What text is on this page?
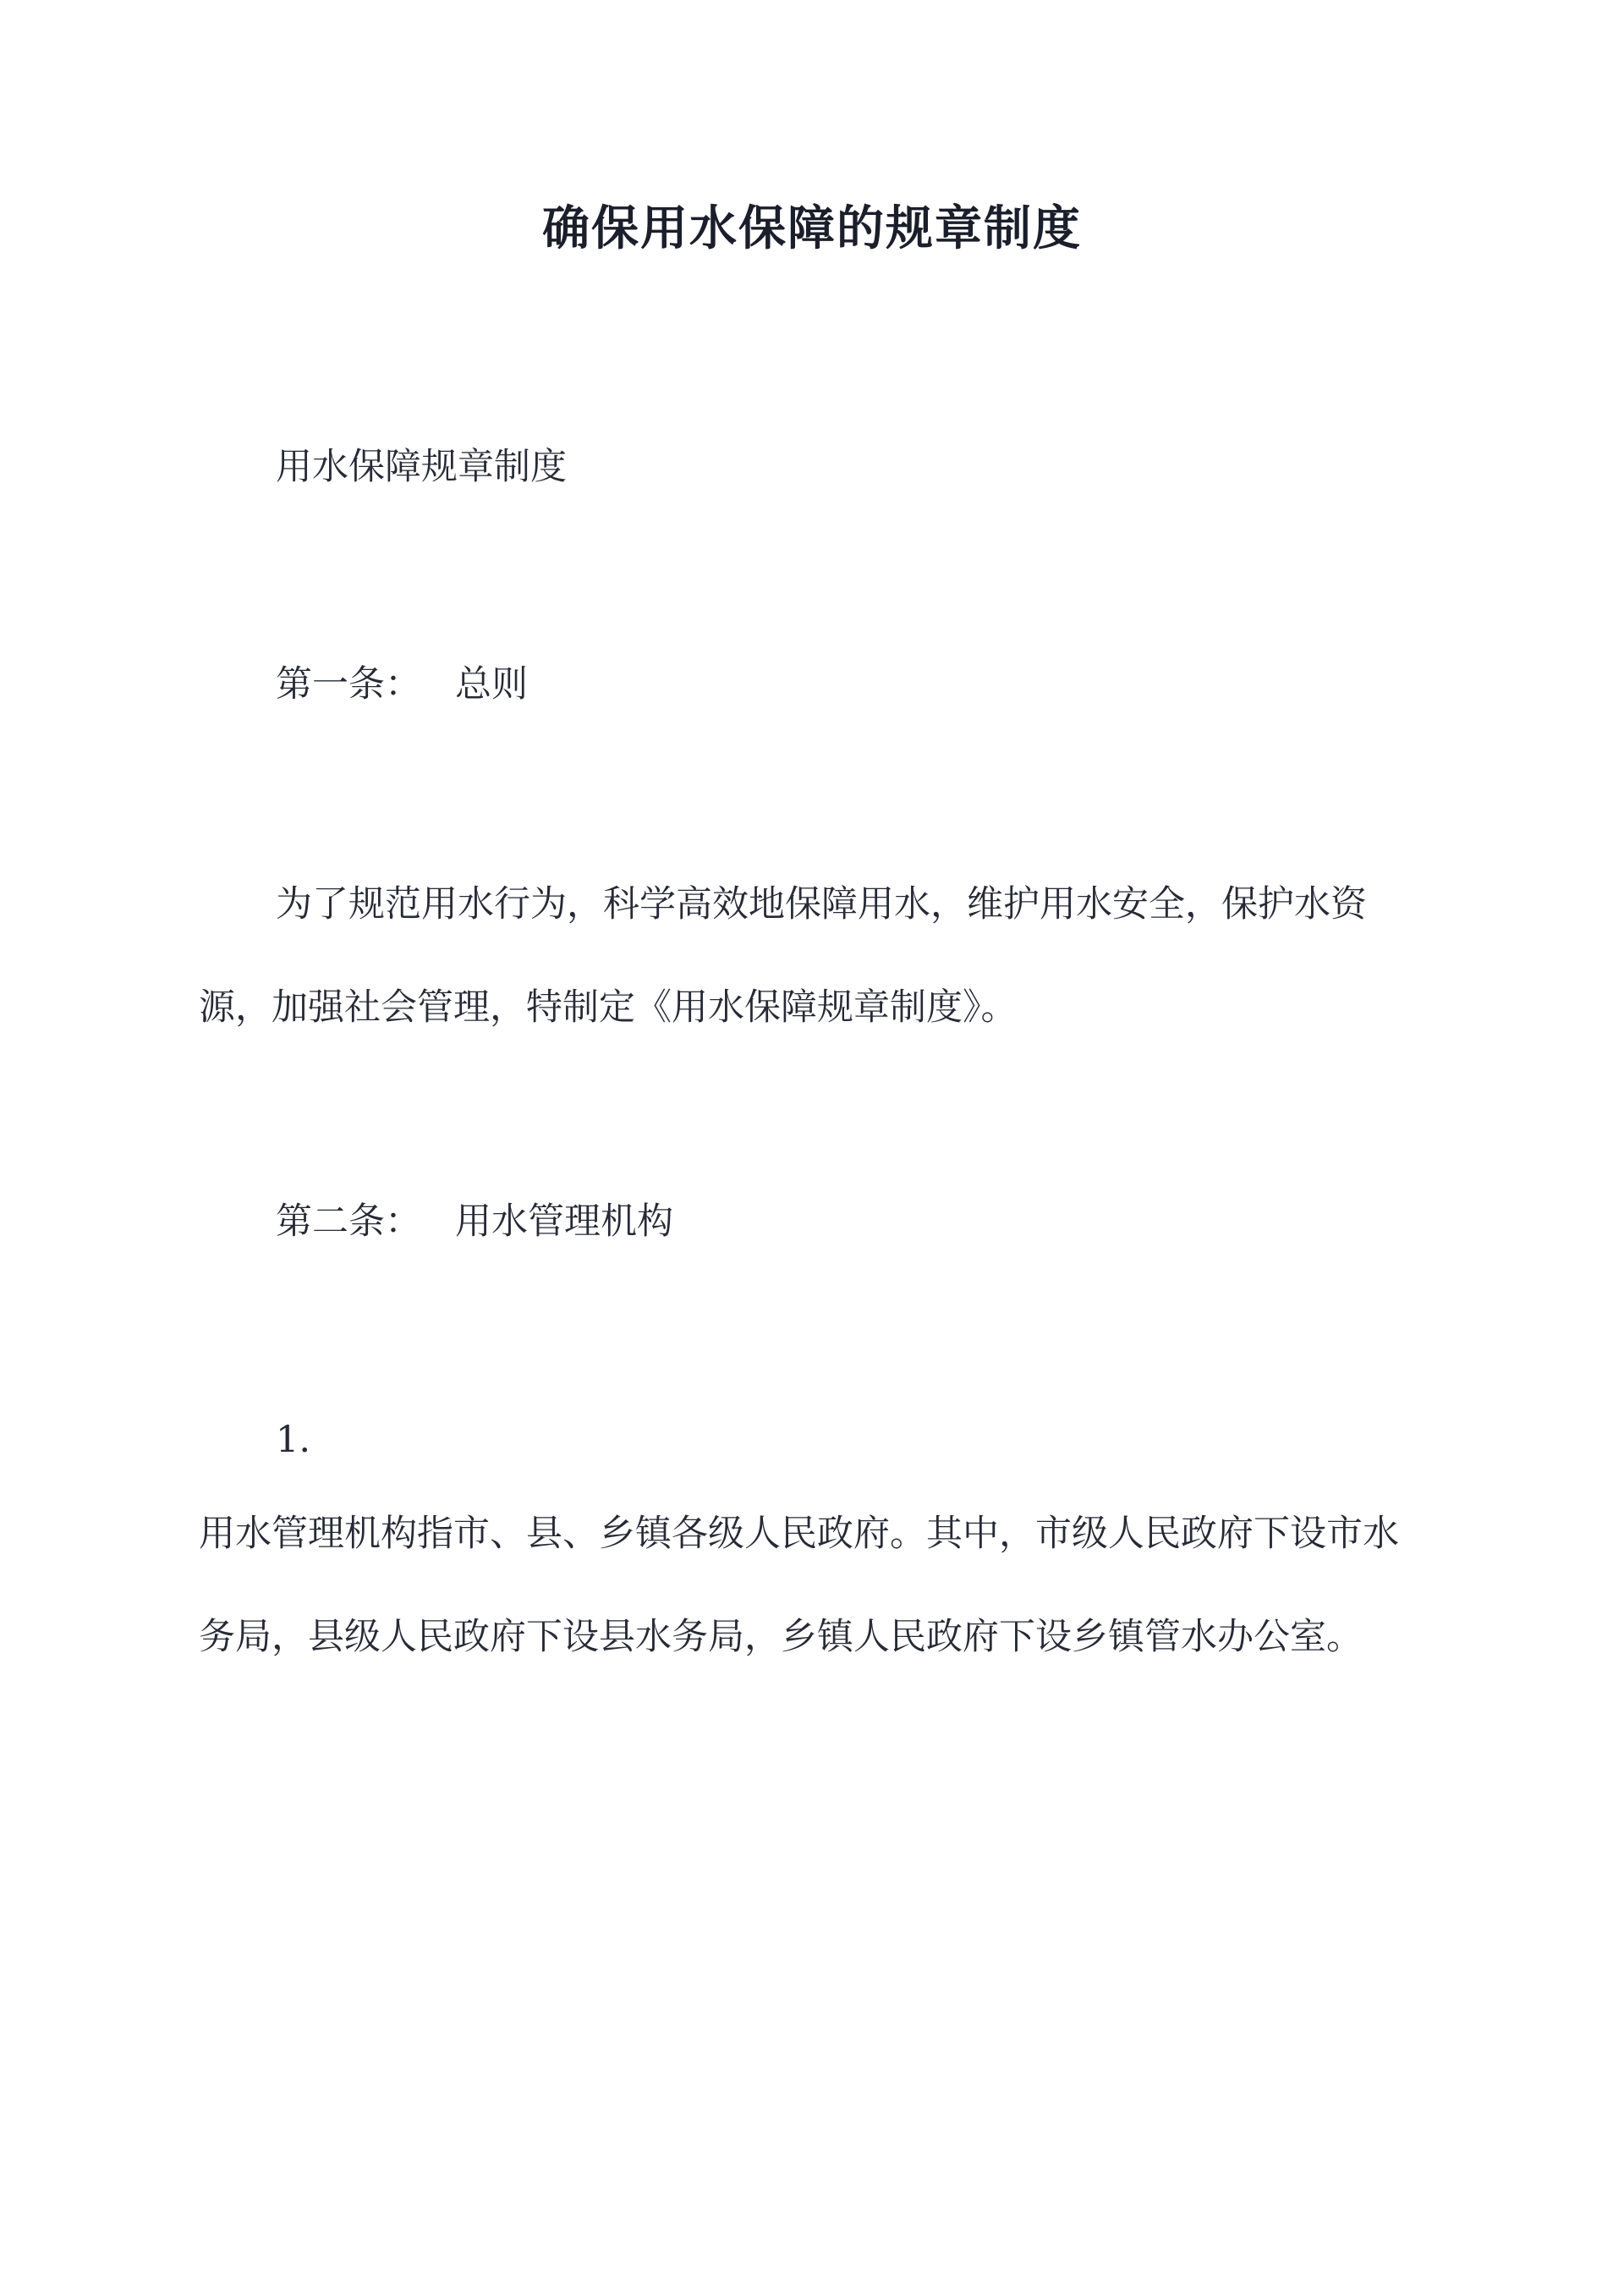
确保用水保障的规章制度
用水保障规章制度
第一条： 总则
为了规范用水行为，科学高效地保障用水，维护用水安全，保护水资源，加强社会管理，特制定《用水保障规章制度》。
第二条： 用水管理机构
1.
用水管理机构指市、县、乡镇各级人民政府。其中，市级人民政府下设市水务局，县级人民政府下设县水务局，乡镇人民政府下设乡镇管水办公室。
